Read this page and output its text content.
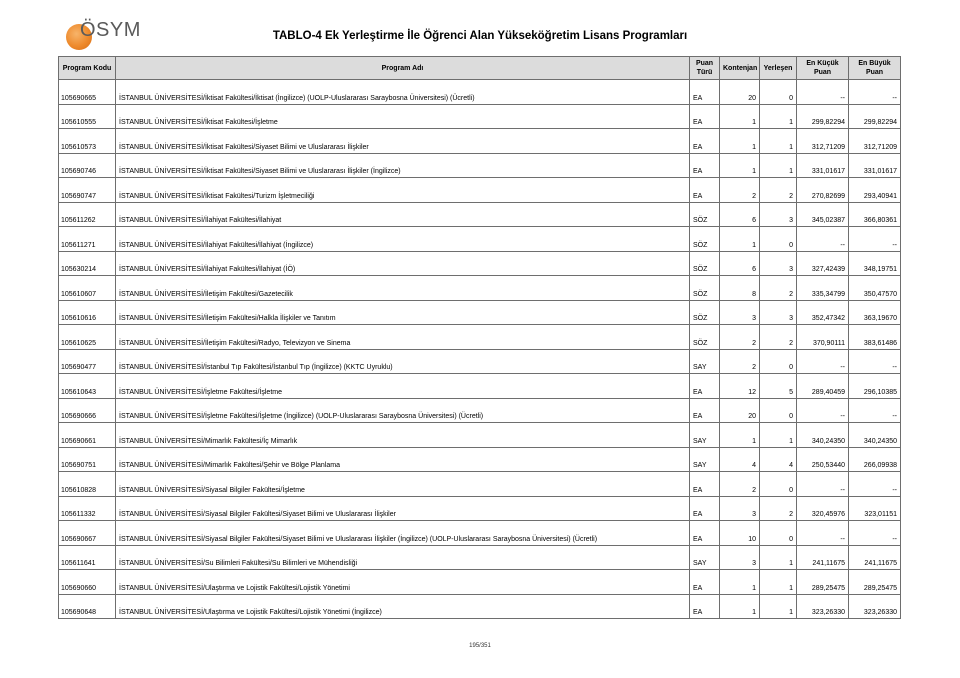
ÖSYM	TABLO-4 Ek Yerleştirme İle Öğrenci Alan Yükseköğretim Lisans Programları
Program Kodu	Program Adı	Puan Türü	Kontenjan	Yerleşen	En Küçük Puan	En Büyük Puan
105690665	İSTANBUL ÜNİVERSİTESİ/İktisat Fakültesi/İktisat (İngilizce) (UOLP-Uluslararası Saraybosna Üniversitesi) (Ücretli)	EA	20	0	--	--
105610555	İSTANBUL ÜNİVERSİTESİ/İktisat Fakültesi/İşletme	EA	1	1	299,82294	299,82294
105610573	İSTANBUL ÜNİVERSİTESİ/İktisat Fakültesi/Siyaset Bilimi ve Uluslararası İlişkiler	EA	1	1	312,71209	312,71209
105690746	İSTANBUL ÜNİVERSİTESİ/İktisat Fakültesi/Siyaset Bilimi ve Uluslararası İlişkiler (İngilizce)	EA	1	1	331,01617	331,01617
105690747	İSTANBUL ÜNİVERSİTESİ/İktisat Fakültesi/Turizm İşletmeciliği	EA	2	2	270,82699	293,40941
105611262	İSTANBUL ÜNİVERSİTESİ/İlahiyat Fakültesi/İlahiyat	SÖZ	6	3	345,02387	366,80361
105611271	İSTANBUL ÜNİVERSİTESİ/İlahiyat Fakültesi/İlahiyat (İngilizce)	SÖZ	1	0	--	--
105630214	İSTANBUL ÜNİVERSİTESİ/İlahiyat Fakültesi/İlahiyat (İÖ)	SÖZ	6	3	327,42439	348,19751
105610607	İSTANBUL ÜNİVERSİTESİ/İletişim Fakültesi/Gazetecilik	SÖZ	8	2	335,34799	350,47570
105610616	İSTANBUL ÜNİVERSİTESİ/İletişim Fakültesi/Halkla İlişkiler ve Tanıtım	SÖZ	3	3	352,47342	363,19670
105610625	İSTANBUL ÜNİVERSİTESİ/İletişim Fakültesi/Radyo, Televizyon ve Sinema	SÖZ	2	2	370,90111	383,61486
105690477	İSTANBUL ÜNİVERSİTESİ/İstanbul Tıp Fakültesi/İstanbul Tıp (İngilizce) (KKTC Uyruklu)	SAY	2	0	--	--
105610643	İSTANBUL ÜNİVERSİTESİ/İşletme Fakültesi/İşletme	EA	12	5	289,40459	296,10385
105690666	İSTANBUL ÜNİVERSİTESİ/İşletme Fakültesi/İşletme (İngilizce) (UOLP-Uluslararası Saraybosna Üniversitesi) (Ücretli)	EA	20	0	--	--
105690661	İSTANBUL ÜNİVERSİTESİ/Mimarlık Fakültesi/İç Mimarlık	SAY	1	1	340,24350	340,24350
105690751	İSTANBUL ÜNİVERSİTESİ/Mimarlık Fakültesi/Şehir ve Bölge Planlama	SAY	4	4	250,53440	266,09938
105610828	İSTANBUL ÜNİVERSİTESİ/Siyasal Bilgiler Fakültesi/İşletme	EA	2	0	--	--
105611332	İSTANBUL ÜNİVERSİTESİ/Siyasal Bilgiler Fakültesi/Siyaset Bilimi ve Uluslararası İlişkiler	EA	3	2	320,45976	323,01151
105690667	İSTANBUL ÜNİVERSİTESİ/Siyasal Bilgiler Fakültesi/Siyaset Bilimi ve Uluslararası İlişkiler (İngilizce) (UOLP-Uluslararası Saraybosna Üniversitesi) (Ücretli)	EA	10	0	--	--
105611641	İSTANBUL ÜNİVERSİTESİ/Su Bilimleri Fakültesi/Su Bilimleri ve Mühendisliği	SAY	3	1	241,11675	241,11675
105690660	İSTANBUL ÜNİVERSİTESİ/Ulaştırma ve Lojistik Fakültesi/Lojistik Yönetimi	EA	1	1	289,25475	289,25475
105690648	İSTANBUL ÜNİVERSİTESİ/Ulaştırma ve Lojistik Fakültesi/Lojistik Yönetimi (İngilizce)	EA	1	1	323,26330	323,26330
195/351
